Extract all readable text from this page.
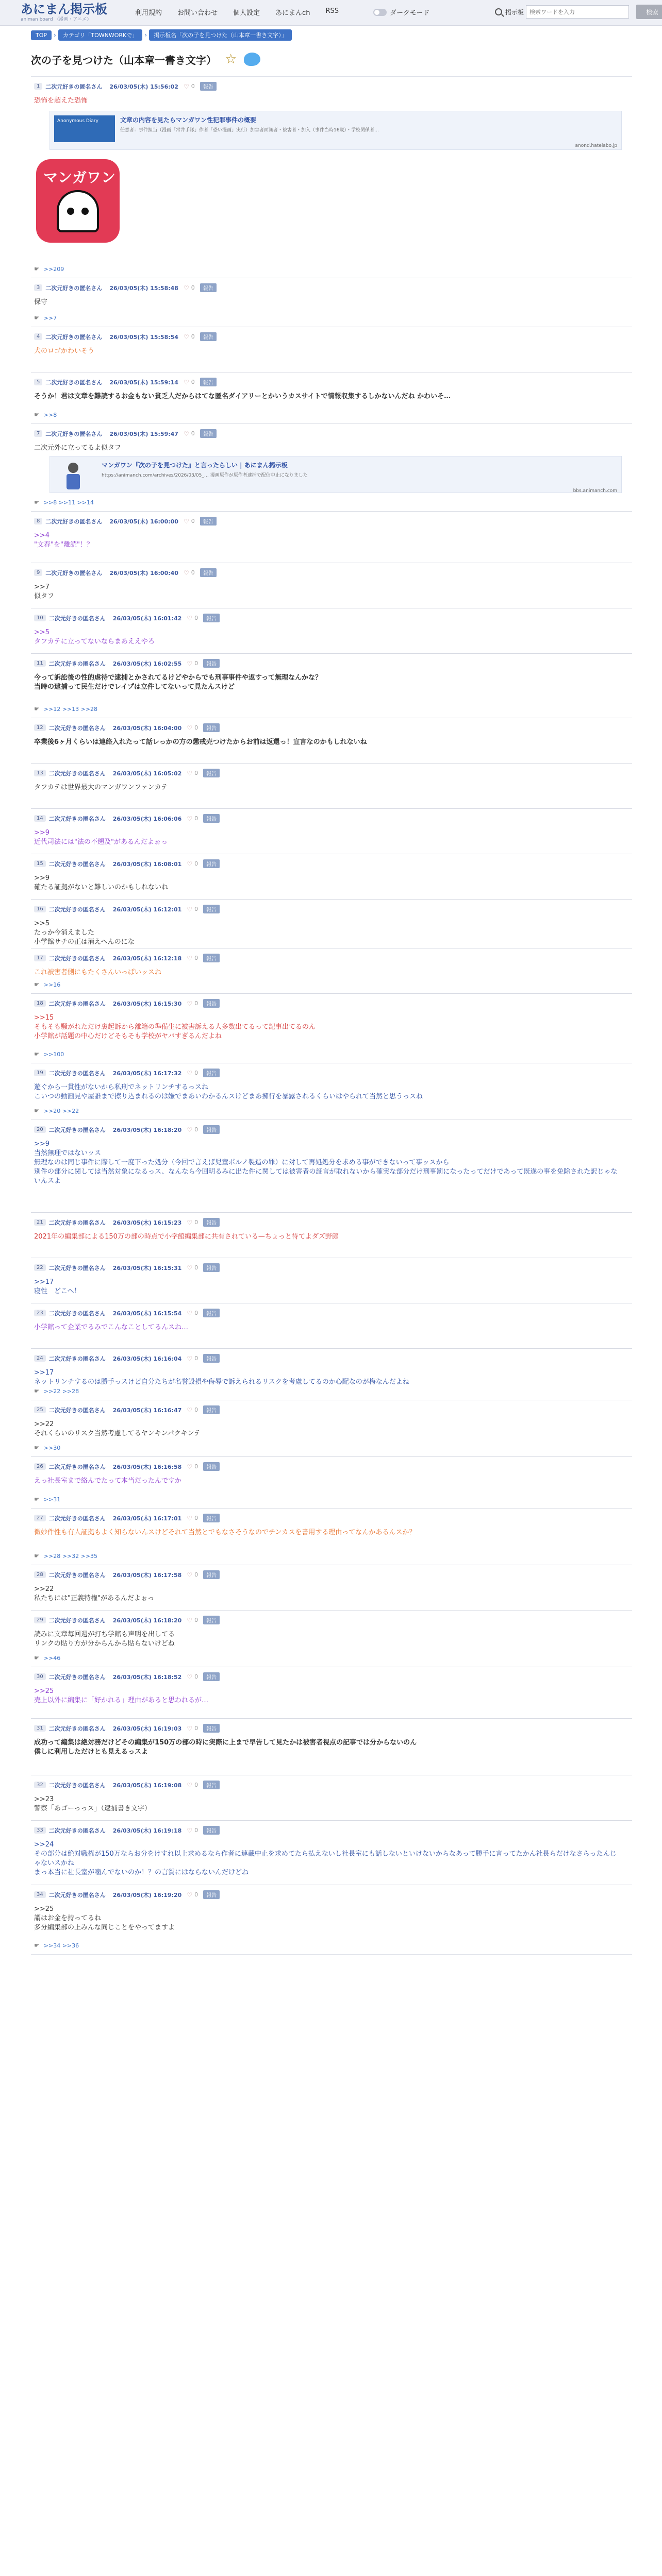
あにまん掲示板
animan board 〈漫画・アニメ〉
利用規約 お問い合わせ 個人設定 あにまんch RSS	ダークモード	掲示板
検索ワードを入力	検索
TOP	›	カテゴリ「TOWNWORKで」	›	掲示板名「次の子を見つけた（山本章一書き文字）」
次の子を見つけた（山本章一書き文字） ☆
1	二次元好きの匿名さん 26/03/05(木) 15:56:02 ♡ 0	報告
恐怖を超えた恐怖
Anonymous Diary	文章の内容を見たらマンガワン性犯罪事件の概要
任意者：事件担当（漫画「常井手隊」作者「恐い漫画」実行）加害者面識者・被害者・加入（事件当時16歳）・学校関係者…
anond.hatelabo.jp
マンガワン
☛ >>209
3	二次元好きの匿名さん 26/03/05(木) 15:58:48 ♡ 0	報告
保守
☛ >>7
4	二次元好きの匿名さん 26/03/05(木) 15:58:54 ♡ 0	報告
犬のロゴかわいそう
5	二次元好きの匿名さん 26/03/05(木) 15:59:14 ♡ 0	報告
そうか！君は文章を難読するお金もない貧乏人だからはてな匿名ダイアリーとかいうカスサイトで情報収集するしかないんだね かわいそ…
☛ >>8
7	二次元好きの匿名さん 26/03/05(木) 15:59:47 ♡ 0	報告
二次元外に立ってるよ似タフ
マンガワン『次の子を見つけた』と言ったらしい | あにまん掲示板
https://animanch.com/archives/2026/03/05_… 漫画原作が原作者逮捕で配信中止になりました
bbs.animanch.com
☛ >>8 >>11 >>14
8	二次元好きの匿名さん 26/03/05(木) 16:00:00 ♡ 0	報告
>>4
"文春"を"離読"！？
9	二次元好きの匿名さん 26/03/05(木) 16:00:40 ♡ 0	報告
>>7
似タフ
10	二次元好きの匿名さん 26/03/05(木) 16:01:42 ♡ 0	報告
>>5
タフカテに立ってないならまあええやろ
11	二次元好きの匿名さん 26/03/05(木) 16:02:55 ♡ 0	報告
今って訴訟後の性的虐待で逮捕とかされてるけどやからでも刑事事件や返すって無理なんかな？
当時の逮捕って民生だけでレイプは立件してないって見たんスけど
☛ >>12 >>13 >>28
12	二次元好きの匿名さん 26/03/05(木) 16:04:00 ♡ 0	報告
卒業後6ヶ月くらいは連絡入れたって話レっかの方の懲戒売つけたからお前は返還っ！宣言なのかもしれないね
13	二次元好きの匿名さん 26/03/05(木) 16:05:02 ♡ 0	報告
タフカテは世界最大のマンガワンファンカテ
14	二次元好きの匿名さん 26/03/05(木) 16:06:06 ♡ 0	報告
>>9
近代司法には"法の不遡及"があるんだよぉっ
15	二次元好きの匿名さん 26/03/05(木) 16:08:01 ♡ 0	報告
>>9
確たる証拠がないと難しいのかもしれないね
16	二次元好きの匿名さん 26/03/05(木) 16:12:01 ♡ 0	報告
>>5
たっか今消えました
小学館サチの正は消えへんのにな
17	二次元好きの匿名さん 26/03/05(木) 16:12:18 ♡ 0	報告
これ被害者側にもたくさんいっぱいッスね
☛ >>16
18	二次元好きの匿名さん 26/03/05(木) 16:15:30 ♡ 0	報告
>>15
そもそも騒がれただけ裏起訴から離籍の準備生に被害訴える人多数出てるって記事出てるのん
小学館が話題の中心だけどそもそも学校がヤバすぎるんだよね
☛ >>100
19	二次元好きの匿名さん 26/03/05(木) 16:17:32 ♡ 0	報告
遊ぐから一貫性がないから私刑でネットリンチするっスね
こいつの動画見や屋誰まで擦り込まれるのは嫌でまあいわかるんスけどまあ擁行を暴露されるくらいはやられて当然と思うっスね
☛ >>20 >>22
20	二次元好きの匿名さん 26/03/05(木) 16:18:20 ♡ 0	報告
>>9
当然無理ではないッス
無理なのは同じ事件に際して一度下った処分（今回で言えば児童ポルノ製造の罪）に対して再処処分を求める事ができないって事ッスから
別件の部分に関しては当然対象になるっス、なんなら今回明るみに出た件に関しては被害者の証言が取れないから確実な部分だけ刑事罰になったってだけであって既遂の事を免除された訳じゃないんスよ
21	二次元好きの匿名さん 26/03/05(木) 16:15:23 ♡ 0	報告
2021年の編集部による150万の部の時点で小学館編集部に共有されている—ちょっと待てよダズ野郎
22	二次元好きの匿名さん 26/03/05(木) 16:15:31 ♡ 0	報告
>>17
寝性　どこへ！
23	二次元好きの匿名さん 26/03/05(木) 16:15:54 ♡ 0	報告
小学館って企業でるみでこんなことしてるんスね…
24	二次元好きの匿名さん 26/03/05(木) 16:16:04 ♡ 0	報告
>>17
ネットリンチするのは勝手っスけど自分たちが名誉毀損や侮辱で訴えられるリスクを考慮してるのか心配なのが梅なんだよね
☛ >>22 >>28
25	二次元好きの匿名さん 26/03/05(木) 16:16:47 ♡ 0	報告
>>22
それくらいのリスク当然考慮してるヤンキンパクキンテ
☛ >>30
26	二次元好きの匿名さん 26/03/05(木) 16:16:58 ♡ 0	報告
えっ社長室まで絡んでたって本当だったんですか
☛ >>31
27	二次元好きの匿名さん 26/03/05(木) 16:17:01 ♡ 0	報告
微妙件性も有人証拠もよく知らないんスけどそれて当然とでもなさそうなのでチンカスを書用する理由ってなんかあるんスか？
☛ >>28 >>32 >>35
28	二次元好きの匿名さん 26/03/05(木) 16:17:58 ♡ 0	報告
>>22
私たちには"正義特権"があるんだよぉっ
29	二次元好きの匿名さん 26/03/05(木) 16:18:20 ♡ 0	報告
読みに文章毎回週が打ち学館も声明を出してる
リンクの貼り方が分からんから貼らないけどね
☛ >>46
30	二次元好きの匿名さん 26/03/05(木) 16:18:52 ♡ 0	報告
>>25
売上以外に編集に「好かれる」理由があると思われるが…
31	二次元好きの匿名さん 26/03/05(木) 16:19:03 ♡ 0	報告
成功って編集は絶対務だけどその編集が150万の部の時に実際に上まで早告して見たかは被害者視点の記事では分からないのん
僕しに利用しただけとも見えるっスよ
32	二次元好きの匿名さん 26/03/05(木) 16:19:08 ♡ 0	報告
>>23
警察「あゴーっっス」（逮捕書き文字）
33	二次元好きの匿名さん 26/03/05(木) 16:19:18 ♡ 0	報告
>>24
その部分は絶対職権が150万ならお分をけすれ以上求めるなら作者に連載中止を求めてたら払えないし社長室にも話しないといけないからなあって勝手に言ってたかん社長らだけなさらったんじゃないスかね
まっ本当に社長室が噛んでないのか！？の言質にはならないんだけどね
34	二次元好きの匿名さん 26/03/05(木) 16:19:20 ♡ 0	報告
>>25
謂はお金を持ってるね
多分編集部の上みんな同じことをやってますよ
☛ >>34 >>36
